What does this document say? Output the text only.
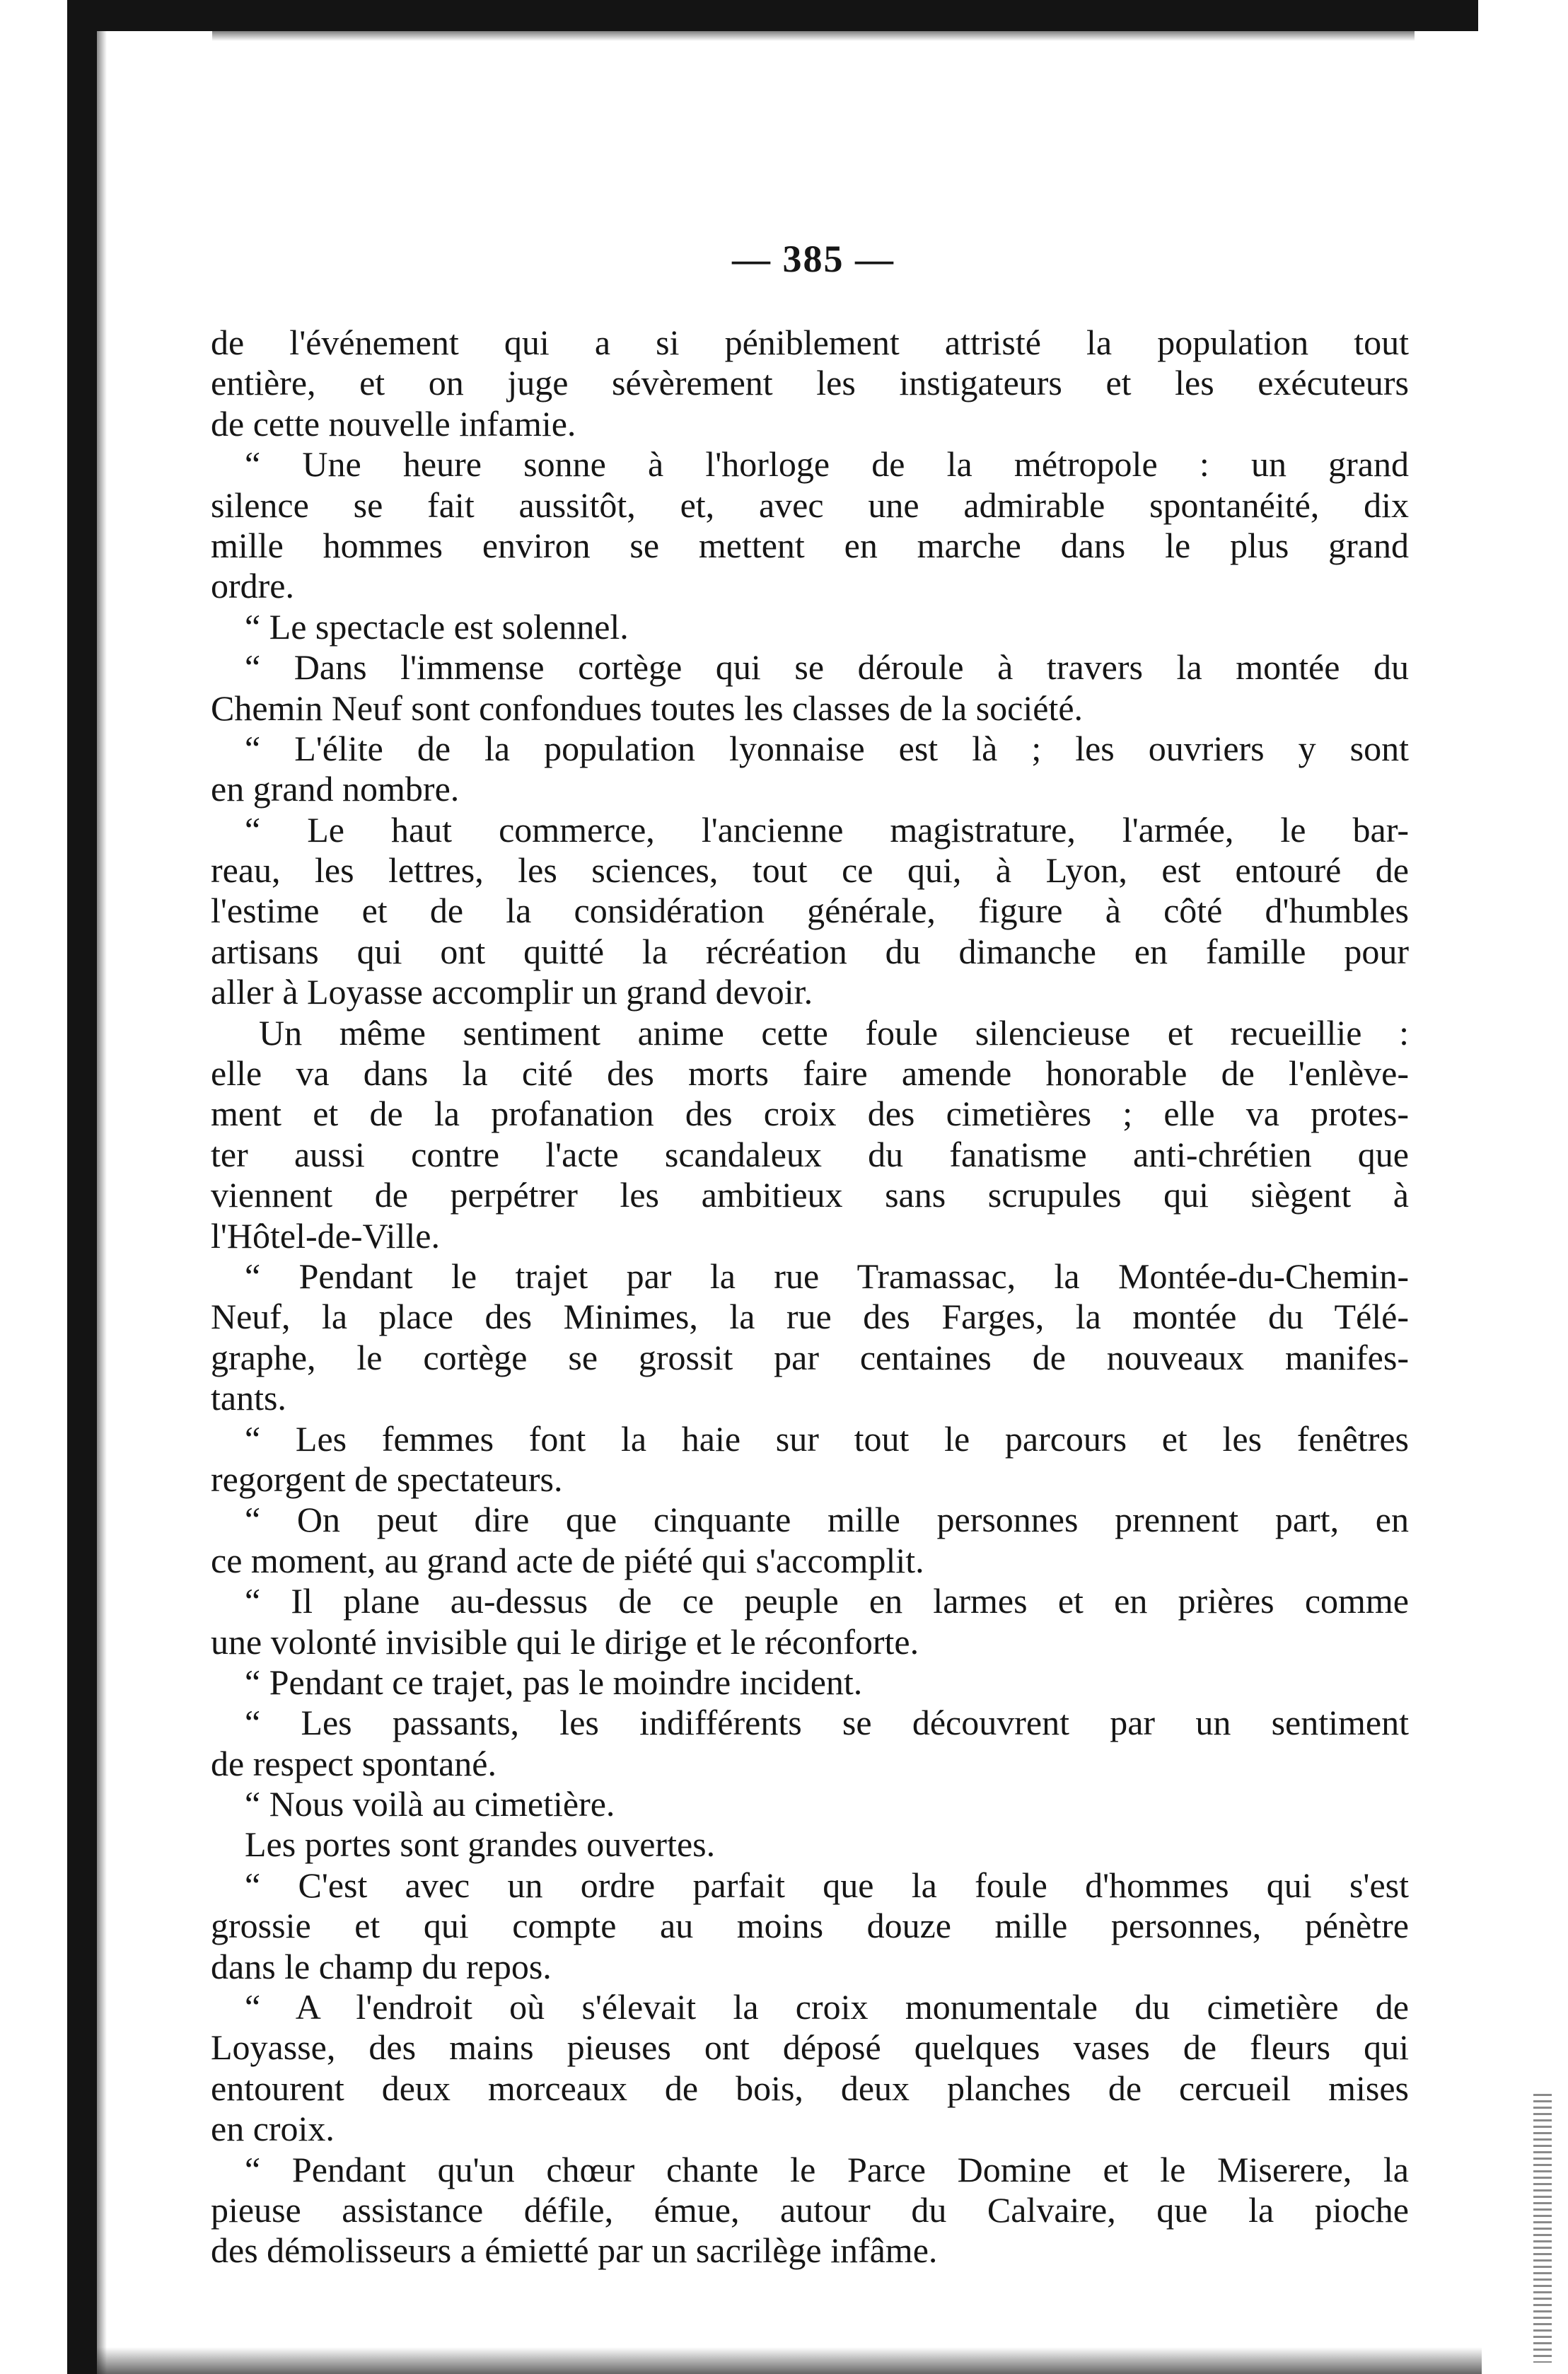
— 385 —
de l'événement qui a si péniblement attristé la population tout
entière, et on juge sévèrement les instigateurs et les exécuteurs
de cette nouvelle infamie.
“ Une heure sonne à l'horloge de la métropole : un grand
silence se fait aussitôt, et, avec une admirable spontanéité, dix
mille hommes environ se mettent en marche dans le plus grand
ordre.
“ Le spectacle est solennel.
“ Dans l'immense cortège qui se déroule à travers la montée du
Chemin Neuf sont confondues toutes les classes de la société.
“ L'élite de la population lyonnaise est là ; les ouvriers y sont
en grand nombre.
“ Le haut commerce, l'ancienne magistrature, l'armée, le bar-
reau, les lettres, les sciences, tout ce qui, à Lyon, est entouré de
l'estime et de la considération générale, figure à côté d'humbles
artisans qui ont quitté la récréation du dimanche en famille pour
aller à Loyasse accomplir un grand devoir.
Un même sentiment anime cette foule silencieuse et recueillie :
elle va dans la cité des morts faire amende honorable de l'enlève-
ment et de la profanation des croix des cimetières ; elle va protes-
ter aussi contre l'acte scandaleux du fanatisme anti-chrétien que
viennent de perpétrer les ambitieux sans scrupules qui siègent à
l'Hôtel-de-Ville.
“ Pendant le trajet par la rue Tramassac, la Montée-du-Chemin-
Neuf, la place des Minimes, la rue des Farges, la montée du Télé-
graphe, le cortège se grossit par centaines de nouveaux manifes-
tants.
“ Les femmes font la haie sur tout le parcours et les fenêtres
regorgent de spectateurs.
“ On peut dire que cinquante mille personnes prennent part, en
ce moment, au grand acte de piété qui s'accomplit.
“ Il plane au-dessus de ce peuple en larmes et en prières comme
une volonté invisible qui le dirige et le réconforte.
“ Pendant ce trajet, pas le moindre incident.
“ Les passants, les indifférents se découvrent par un sentiment
de respect spontané.
“ Nous voilà au cimetière.
Les portes sont grandes ouvertes.
“ C'est avec un ordre parfait que la foule d'hommes qui s'est
grossie et qui compte au moins douze mille personnes, pénètre
dans le champ du repos.
“ A l'endroit où s'élevait la croix monumentale du cimetière de
Loyasse, des mains pieuses ont déposé quelques vases de fleurs qui
entourent deux morceaux de bois, deux planches de cercueil mises
en croix.
“ Pendant qu'un chœur chante le Parce Domine et le Miserere, la
pieuse assistance défile, émue, autour du Calvaire, que la pioche
des démolisseurs a émietté par un sacrilège infâme.
